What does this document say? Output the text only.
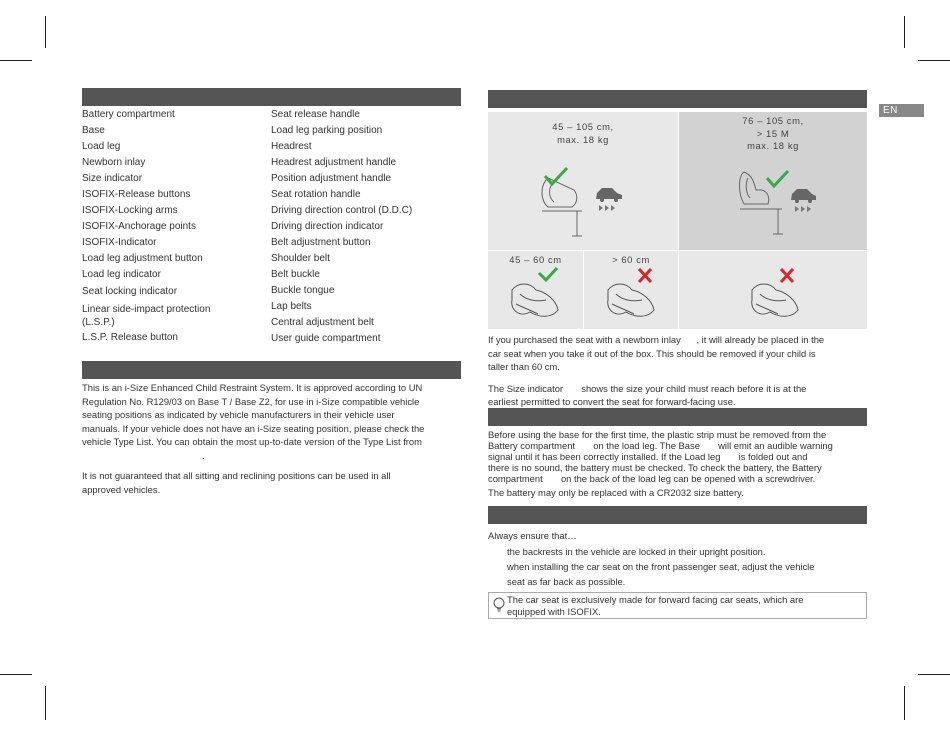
EN
Battery compartment
Base
Load leg
Newborn inlay
Size indicator
ISOFIX-Release buttons
ISOFIX-Locking arms
ISOFIX-Anchorage points
ISOFIX-Indicator
Load leg adjustment button
Load leg indicator
Seat locking indicator
Linear side-impact protection
(L.S.P.)
L.S.P. Release button
Seat release handle
Load leg parking position
Headrest
Headrest adjustment handle
Position adjustment handle
Seat rotation handle
Driving direction control (D.D.C)
Driving direction indicator
Belt adjustment button
Shoulder belt
Belt buckle
Buckle tongue
Lap belts
Central adjustment belt
User guide compartment
This is an i-Size Enhanced Child Restraint System. It is approved according to UN
Regulation No. R129/03 on Base T / Base Z2, for use in i-Size compatible vehicle
seating positions as indicated by vehicle manufacturers in their vehicle user
manuals. If your vehicle does not have an i-Size seating position, please check the
vehicle Type List. You can obtain the most up-to-date version of the Type List from
.
It is not guaranteed that all sitting and reclining positions can be used in all
approved vehicles.
45 – 105 cm,
max. 18 kg
76 – 105 cm,
> 15 M
max. 18 kg
45 – 60 cm	> 60 cm
If you purchased the seat with a newborn inlay      , it will already be placed in the
car seat when you take it out of the box. This should be removed if your child is
taller than 60 cm.
The Size indicator       shows the size your child must reach before it is at the
earliest permitted to convert the seat for forward-facing use.
Before using the base for the first time, the plastic strip must be removed from the
Battery compartment       on the load leg. The Base       will emit an audible warning
signal until it has been correctly installed. If the Load leg       is folded out and
there is no sound, the battery must be checked. To check the battery, the Battery
compartment       on the back of the load leg can be opened with a screwdriver.
The battery may only be replaced with a CR2032 size battery.
Always ensure that…
the backrests in the vehicle are locked in their upright position.
when installing the car seat on the front passenger seat, adjust the vehicle
seat as far back as possible.
The car seat is exclusively made for forward facing car seats, which are
equipped with ISOFIX.
